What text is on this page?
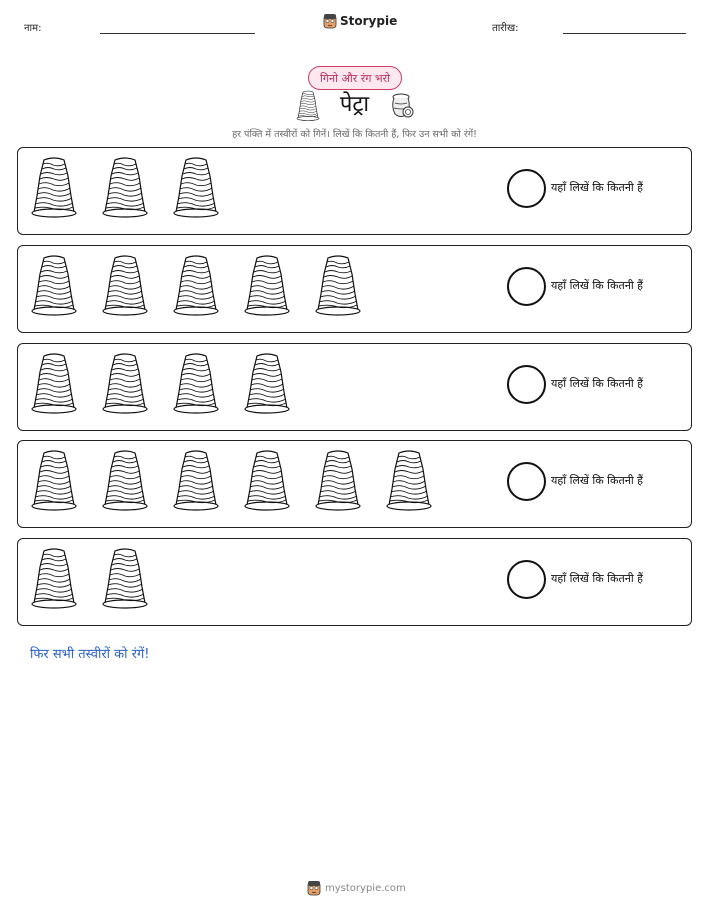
नाम:
Storypie
तारीख:
गिनो और रंग भरो
पेट्रा
हर पंक्ति में तस्वीरों को गिनें। लिखें कि कितनी हैं, फिर उन सभी को रंगें!
यहाँ लिखें कि कितनी हैं
यहाँ लिखें कि कितनी हैं
यहाँ लिखें कि कितनी हैं
यहाँ लिखें कि कितनी हैं
यहाँ लिखें कि कितनी हैं
फिर सभी तस्वीरों को रंगें!
mystorypie.com
